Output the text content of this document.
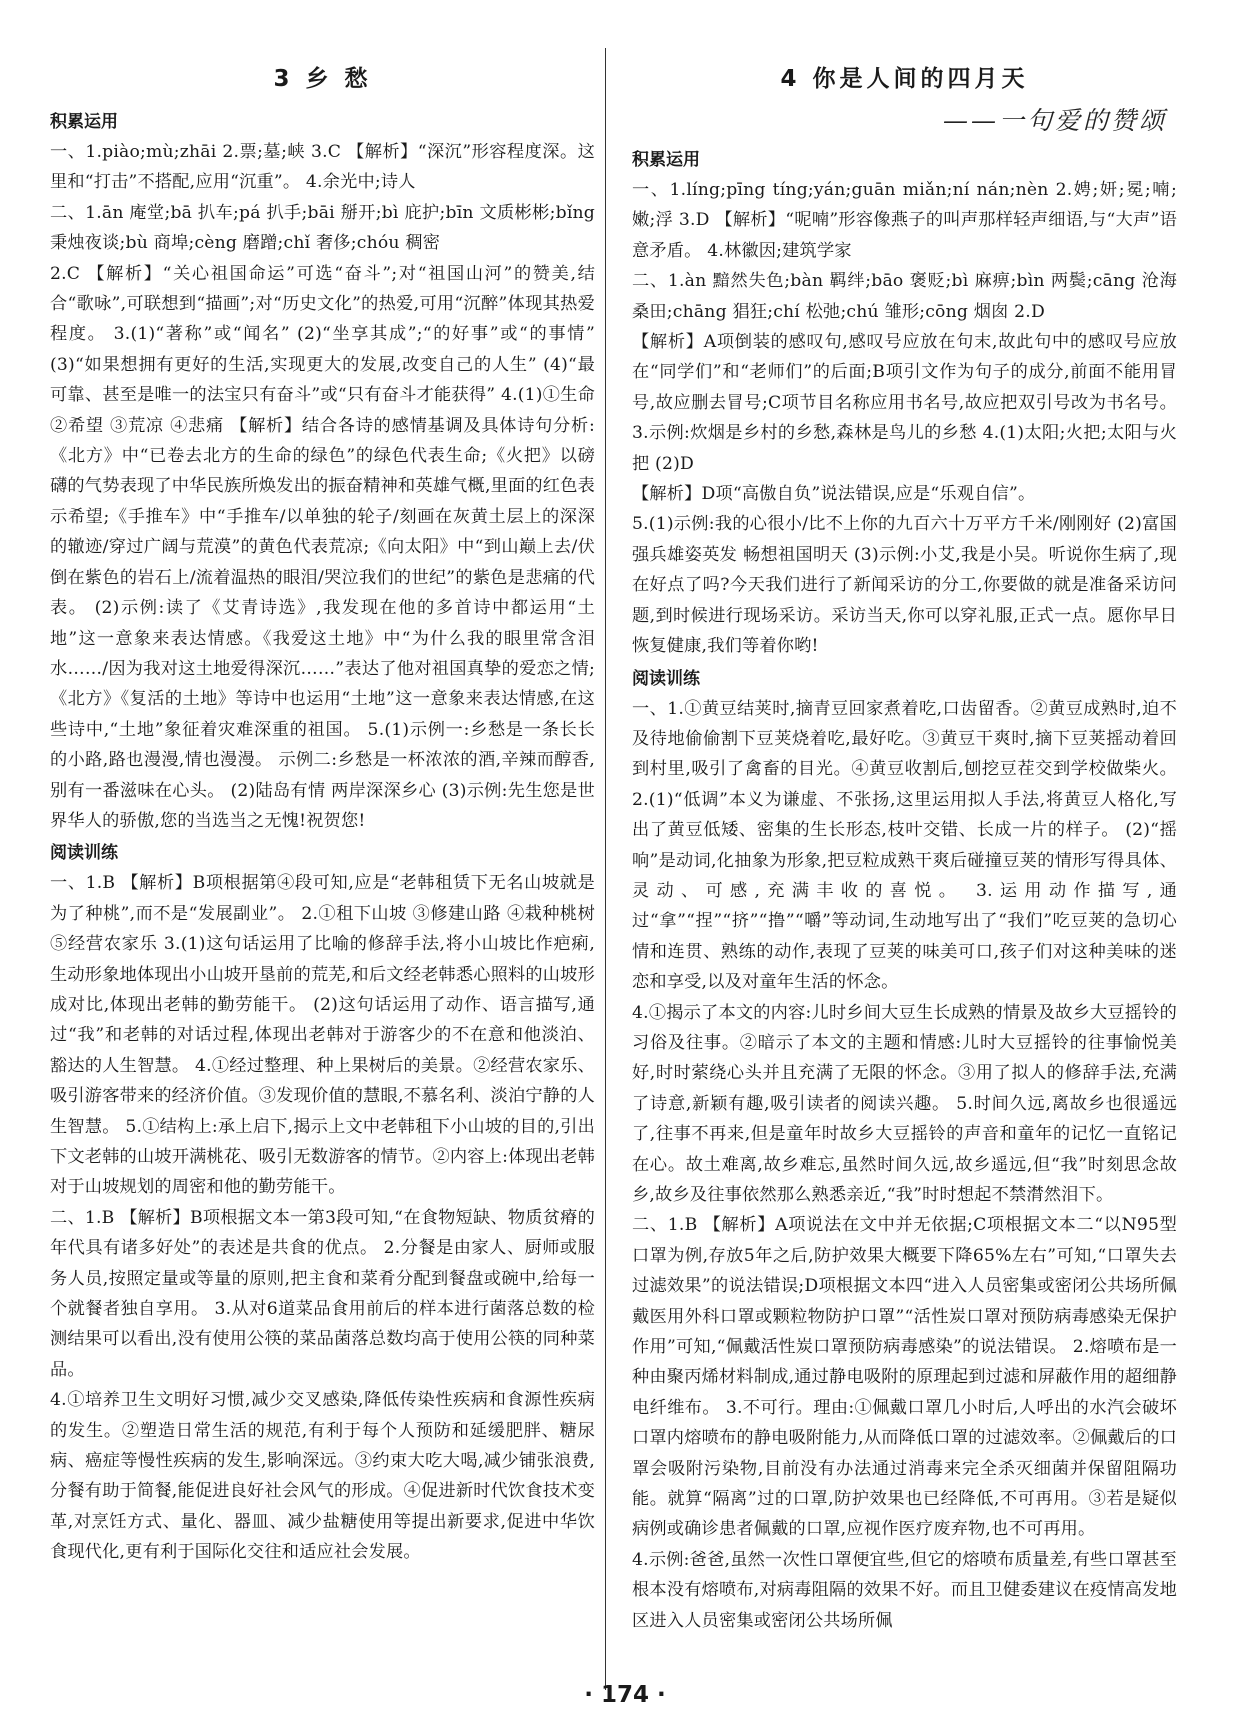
3 乡 愁
积累运用

一、1.piào;mù;zhāi 2.票;墓;峡 3.C 【解析】“深沉”形容程度深。这里和“打击”不搭配,应用“沉重”。 4.余光中;诗人

二、1.ān 庵堂;bā 扒车;pá 扒手;bāi 掰开;bì 庇护;bīn 文质彬彬;bǐng 秉烛夜谈;bù 商埠;cèng 磨蹭;chǐ 奢侈;chóu 稠密

2.C 【解析】“关心祖国命运”可选“奋斗”;对“祖国山河”的赞美,结合“歌咏”,可联想到“描画”;对“历史文化”的热爱,可用“沉醉”体现其热爱程度。 3.(1)“著称”或“闻名” (2)“坐享其成”;“的好事”或“的事情” (3)“如果想拥有更好的生活,实现更大的发展,改变自己的人生” (4)“最可靠、甚至是唯一的法宝只有奋斗”或“只有奋斗才能获得” 4.(1)①生命 ②希望 ③荒凉 ④悲痛 【解析】结合各诗的感情基调及具体诗句分析:《北方》中“已卷去北方的生命的绿色”的绿色代表生命;《火把》以磅礴的气势表现了中华民族所焕发出的振奋精神和英雄气概,里面的红色表示希望;《手推车》中“手推车/以单独的轮子/刻画在灰黄土层上的深深的辙迹/穿过广阔与荒漠”的黄色代表荒凉;《向太阳》中“到山巅上去/伏倒在紫色的岩石上/流着温热的眼泪/哭泣我们的世纪”的紫色是悲痛的代表。 (2)示例:读了《艾青诗选》,我发现在他的多首诗中都运用“土地”这一意象来表达情感。《我爱这土地》中“为什么我的眼里常含泪水……/因为我对这土地爱得深沉……”表达了他对祖国真挚的爱恋之情;《北方》《复活的土地》等诗中也运用“土地”这一意象来表达情感,在这些诗中,“土地”象征着灾难深重的祖国。 5.(1)示例一:乡愁是一条长长的小路,路也漫漫,情也漫漫。 示例二:乡愁是一杯浓浓的酒,辛辣而醇香,别有一番滋味在心头。 (2)陆岛有情 两岸深深乡心 (3)示例:先生您是世界华人的骄傲,您的当选当之无愧!祝贺您!

阅读训练

一、1.B 【解析】B项根据第④段可知,应是“老韩租赁下无名山坡就是为了种桃”,而不是“发展副业”。 2.①租下山坡 ③修建山路 ④栽种桃树 ⑤经营农家乐 3.(1)这句话运用了比喻的修辞手法,将小山坡比作疤痢,生动形象地体现出小山坡开垦前的荒芜,和后文经老韩悉心照料的山坡形成对比,体现出老韩的勤劳能干。 (2)这句话运用了动作、语言描写,通过“我”和老韩的对话过程,体现出老韩对于游客少的不在意和他淡泊、豁达的人生智慧。 4.①经过整理、种上果树后的美景。②经营农家乐、吸引游客带来的经济价值。③发现价值的慧眼,不慕名利、淡泊宁静的人生智慧。 5.①结构上:承上启下,揭示上文中老韩租下小山坡的目的,引出下文老韩的山坡开满桃花、吸引无数游客的情节。②内容上:体现出老韩对于山坡规划的周密和他的勤劳能干。

二、1.B 【解析】B项根据文本一第3段可知,“在食物短缺、物质贫瘠的年代具有诸多好处”的表述是共食的优点。 2.分餐是由家人、厨师或服务人员,按照定量或等量的原则,把主食和菜肴分配到餐盘或碗中,给每一个就餐者独自享用。 3.从对6道菜品食用前后的样本进行菌落总数的检测结果可以看出,没有使用公筷的菜品菌落总数均高于使用公筷的同种菜品。

4.①培养卫生文明好习惯,减少交叉感染,降低传染性疾病和食源性疾病的发生。②塑造日常生活的规范,有利于每个人预防和延缓肥胖、糖尿病、癌症等慢性疾病的发生,影响深远。③约束大吃大喝,减少铺张浪费,分餐有助于简餐,能促进良好社会风气的形成。④促进新时代饮食技术变革,对烹饪方式、量化、器皿、减少盐糖使用等提出新要求,促进中华饮食现代化,更有利于国际化交往和适应社会发展。

4 你是人间的四月天
——一句爱的赞颂
积累运用

一、1.líng;pīng tíng;yán;guān miǎn;ní nán;nèn 2.娉;妍;冕;喃;嫩;浮 3.D 【解析】“呢喃”形容像燕子的叫声那样轻声细语,与“大声”语意矛盾。 4.林徽因;建筑学家

二、1.àn 黯然失色;bàn 羁绊;bāo 褒贬;bì 麻痹;bìn 两鬓;cāng 沧海桑田;chāng 猖狂;chí 松弛;chú 雏形;cōng 烟囱 2.D

【解析】A项倒装的感叹句,感叹号应放在句末,故此句中的感叹号应放在“同学们”和“老师们”的后面;B项引文作为句子的成分,前面不能用冒号,故应删去冒号;C项节目名称应用书名号,故应把双引号改为书名号。 3.示例:炊烟是乡村的乡愁,森林是鸟儿的乡愁 4.(1)太阳;火把;太阳与火把 (2)D

【解析】D项“高傲自负”说法错误,应是“乐观自信”。

5.(1)示例:我的心很小/比不上你的九百六十万平方千米/刚刚好 (2)富国强兵雄姿英发 畅想祖国明天 (3)示例:小艾,我是小吴。听说你生病了,现在好点了吗?今天我们进行了新闻采访的分工,你要做的就是准备采访问题,到时候进行现场采访。采访当天,你可以穿礼服,正式一点。愿你早日恢复健康,我们等着你哟!

阅读训练

一、1.①黄豆结荚时,摘青豆回家煮着吃,口齿留香。②黄豆成熟时,迫不及待地偷偷割下豆荚烧着吃,最好吃。③黄豆干爽时,摘下豆荚摇动着回到村里,吸引了禽畜的目光。④黄豆收割后,刨挖豆茬交到学校做柴火。 2.(1)“低调”本义为谦虚、不张扬,这里运用拟人手法,将黄豆人格化,写出了黄豆低矮、密集的生长形态,枝叶交错、长成一片的样子。 (2)“摇响”是动词,化抽象为形象,把豆粒成熟干爽后碰撞豆荚的情形写得具体、灵动、可感,充满丰收的喜悦。 3.运用动作描写,通过“拿”“捏”“挤”“撸”“嚼”等动词,生动地写出了“我们”吃豆荚的急切心情和连贯、熟练的动作,表现了豆荚的味美可口,孩子们对这种美味的迷恋和享受,以及对童年生活的怀念。

4.①揭示了本文的内容:儿时乡间大豆生长成熟的情景及故乡大豆摇铃的习俗及往事。②暗示了本文的主题和情感:儿时大豆摇铃的往事愉悦美好,时时萦绕心头并且充满了无限的怀念。③用了拟人的修辞手法,充满了诗意,新颖有趣,吸引读者的阅读兴趣。 5.时间久远,离故乡也很遥远了,往事不再来,但是童年时故乡大豆摇铃的声音和童年的记忆一直铭记在心。故土难离,故乡难忘,虽然时间久远,故乡遥远,但“我”时刻思念故乡,故乡及往事依然那么熟悉亲近,“我”时时想起不禁潸然泪下。

二、1.B 【解析】A项说法在文中并无依据;C项根据文本二“以N95型口罩为例,存放5年之后,防护效果大概要下降65%左右”可知,“口罩失去过滤效果”的说法错误;D项根据文本四“进入人员密集或密闭公共场所佩戴医用外科口罩或颗粒物防护口罩”“活性炭口罩对预防病毒感染无保护作用”可知,“佩戴活性炭口罩预防病毒感染”的说法错误。 2.熔喷布是一种由聚丙烯材料制成,通过静电吸附的原理起到过滤和屏蔽作用的超细静电纤维布。 3.不可行。理由:①佩戴口罩几小时后,人呼出的水汽会破坏口罩内熔喷布的静电吸附能力,从而降低口罩的过滤效率。②佩戴后的口罩会吸附污染物,目前没有办法通过消毒来完全杀灭细菌并保留阻隔功能。就算“隔离”过的口罩,防护效果也已经降低,不可再用。③若是疑似病例或确诊患者佩戴的口罩,应视作医疗废弃物,也不可再用。

4.示例:爸爸,虽然一次性口罩便宜些,但它的熔喷布质量差,有些口罩甚至根本没有熔喷布,对病毒阻隔的效果不好。而且卫健委建议在疫情高发地区进入人员密集或密闭公共场所佩

· 174 ·
